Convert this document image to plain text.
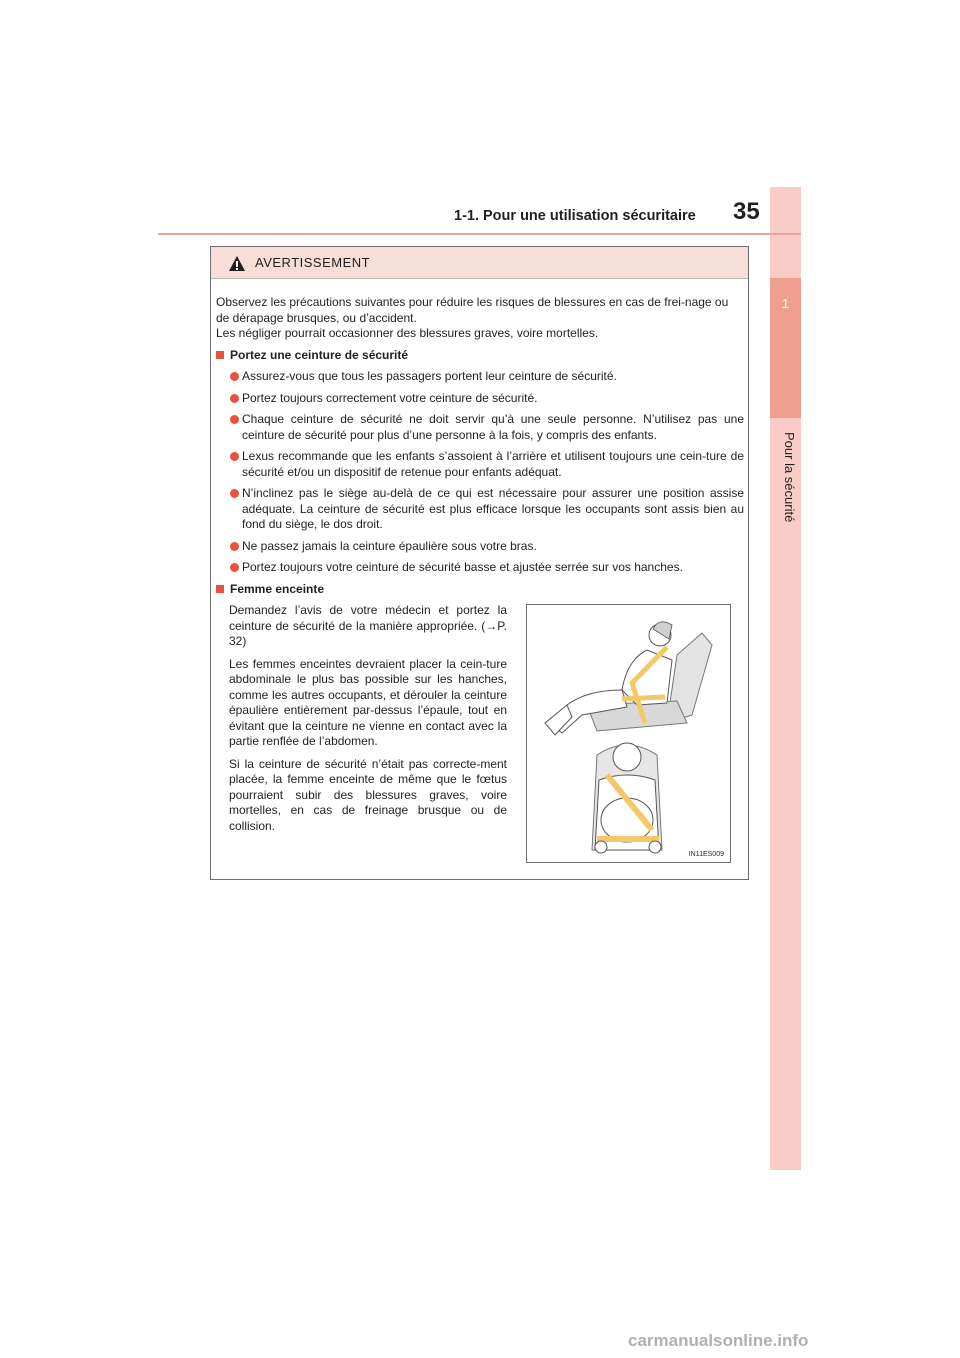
1
Pour la sécurité
1-1. Pour une utilisation sécuritaire 35
AVERTISSEMENT

Observez les précautions suivantes pour réduire les risques de blessures en cas de frei-nage ou de dérapage brusques, ou d’accident.

Les négliger pourrait occasionner des blessures graves, voire mortelles.

Portez une ceinture de sécurité
Assurez-vous que tous les passagers portent leur ceinture de sécurité.
Portez toujours correctement votre ceinture de sécurité.
Chaque ceinture de sécurité ne doit servir qu’à une seule personne. N’utilisez pas une ceinture de sécurité pour plus d’une personne à la fois, y compris des enfants.
Lexus recommande que les enfants s’assoient à l’arrière et utilisent toujours une cein-ture de sécurité et/ou un dispositif de retenue pour enfants adéquat.
N’inclinez pas le siège au-delà de ce qui est nécessaire pour assurer une position assise adéquate. La ceinture de sécurité est plus efficace lorsque les occupants sont assis bien au fond du siège, le dos droit.
Ne passez jamais la ceinture épaulière sous votre bras.
Portez toujours votre ceinture de sécurité basse et ajustée serrée sur vos hanches.
Femme enceinte

Demandez l’avis de votre médecin et portez la ceinture de sécurité de la manière appropriée. (→P. 32)

Les femmes enceintes devraient placer la cein-ture abdominale le plus bas possible sur les hanches, comme les autres occupants, et dérouler la ceinture épaulière entièrement par-dessus l’épaule, tout en évitant que la ceinture ne vienne en contact avec la partie renflée de l’abdomen.

Si la ceinture de sécurité n’était pas correcte-ment placée, la femme enceinte de même que le fœtus pourraient subir des blessures graves, voire mortelles, en cas de freinage brusque ou de collision.

IN11ES009
carmanualsonline.info
